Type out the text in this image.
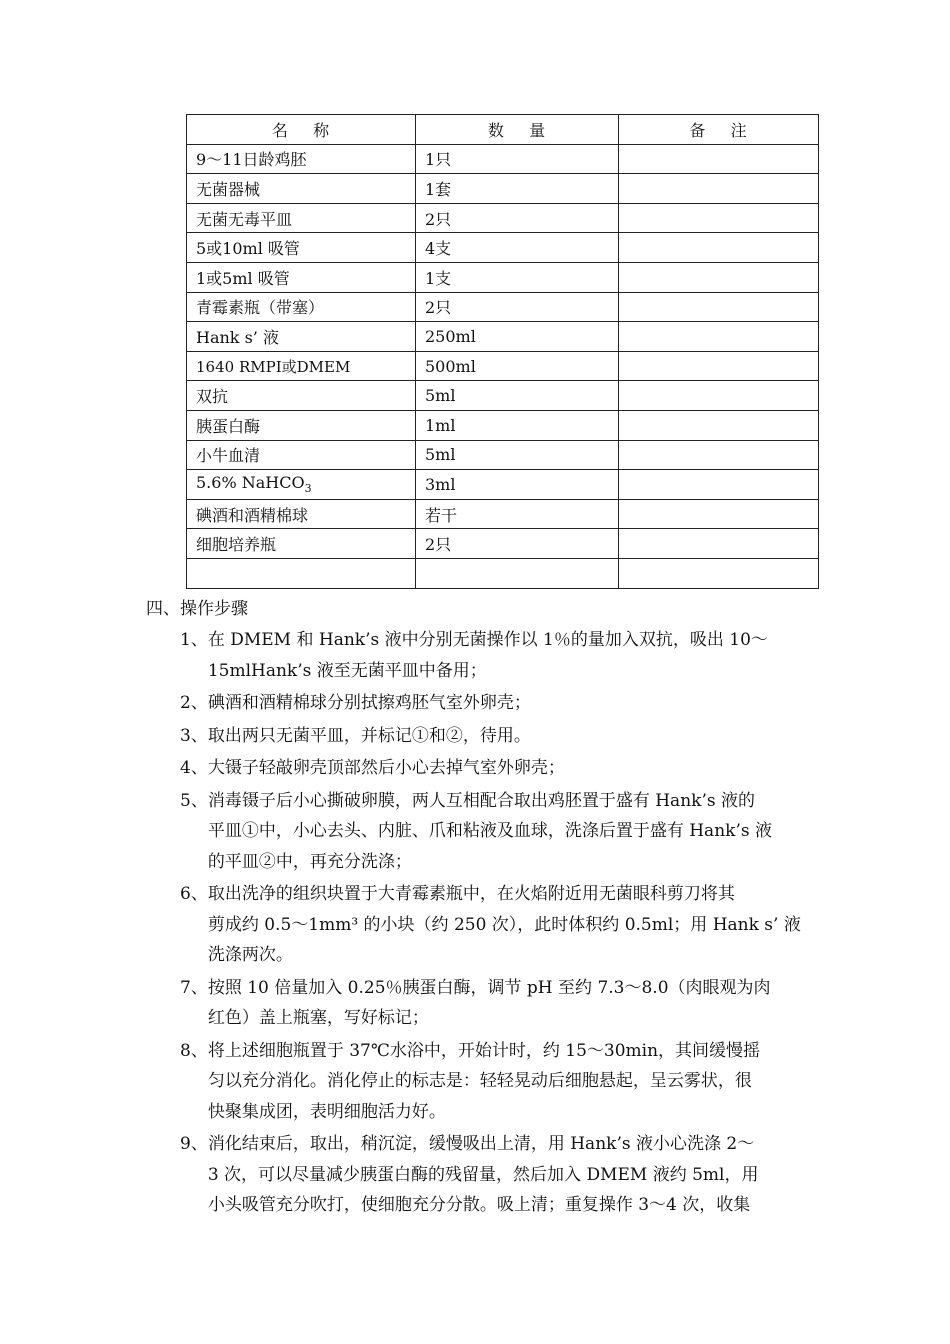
名    称	数    量	备    注
9～11日龄鸡胚	1只	
无菌器械	1套	
无菌无毒平皿	2只	
5或10ml 吸管	4支	
1或5ml 吸管	1支	
青霉素瓶（带塞）	2只	
Hank s’ 液	250ml	
1640 RMPI或DMEM	500ml	
双抗	5ml	
胰蛋白酶	1ml	
小牛血清	5ml	
5.6% NaHCO$_3$	3ml	
碘酒和酒精棉球	若干	
细胞培养瓶	2只	

四、操作步骤
1、 在 DMEM 和 Hank’s 液中分别无菌操作以 1％的量加入双抗，吸出 10～
15mlHank’s 液至无菌平皿中备用；
2、 碘酒和酒精棉球分别拭擦鸡胚气室外卵壳；
3、 取出两只无菌平皿，并标记①和②，待用。
4、 大镊子轻敲卵壳顶部然后小心去掉气室外卵壳；
5、 消毒镊子后小心撕破卵膜，两人互相配合取出鸡胚置于盛有 Hank’s 液的
平皿①中，小心去头、内脏、爪和粘液及血球，洗涤后置于盛有 Hank’s 液
的平皿②中，再充分洗涤；
6、 取出洗净的组织块置于大青霉素瓶中，在火焰附近用无菌眼科剪刀将其
剪成约 0.5～1mm³ 的小块（约 250 次），此时体积约 0.5ml；用 Hank s’ 液
洗涤两次。
7、 按照 10 倍量加入 0.25％胰蛋白酶，调节 pH 至约 7.3～8.0（肉眼观为肉
红色）盖上瓶塞，写好标记；
8、 将上述细胞瓶置于 37℃水浴中，开始计时，约 15～30min，其间缓慢摇
匀以充分消化。消化停止的标志是：轻轻晃动后细胞悬起，呈云雾状，很
快聚集成团，表明细胞活力好。
9、 消化结束后，取出，稍沉淀，缓慢吸出上清，用 Hank’s 液小心洗涤 2～
3 次，可以尽量减少胰蛋白酶的残留量，然后加入 DMEM 液约 5ml，用
小头吸管充分吹打，使细胞充分分散。吸上清；重复操作 3～4 次，收集
